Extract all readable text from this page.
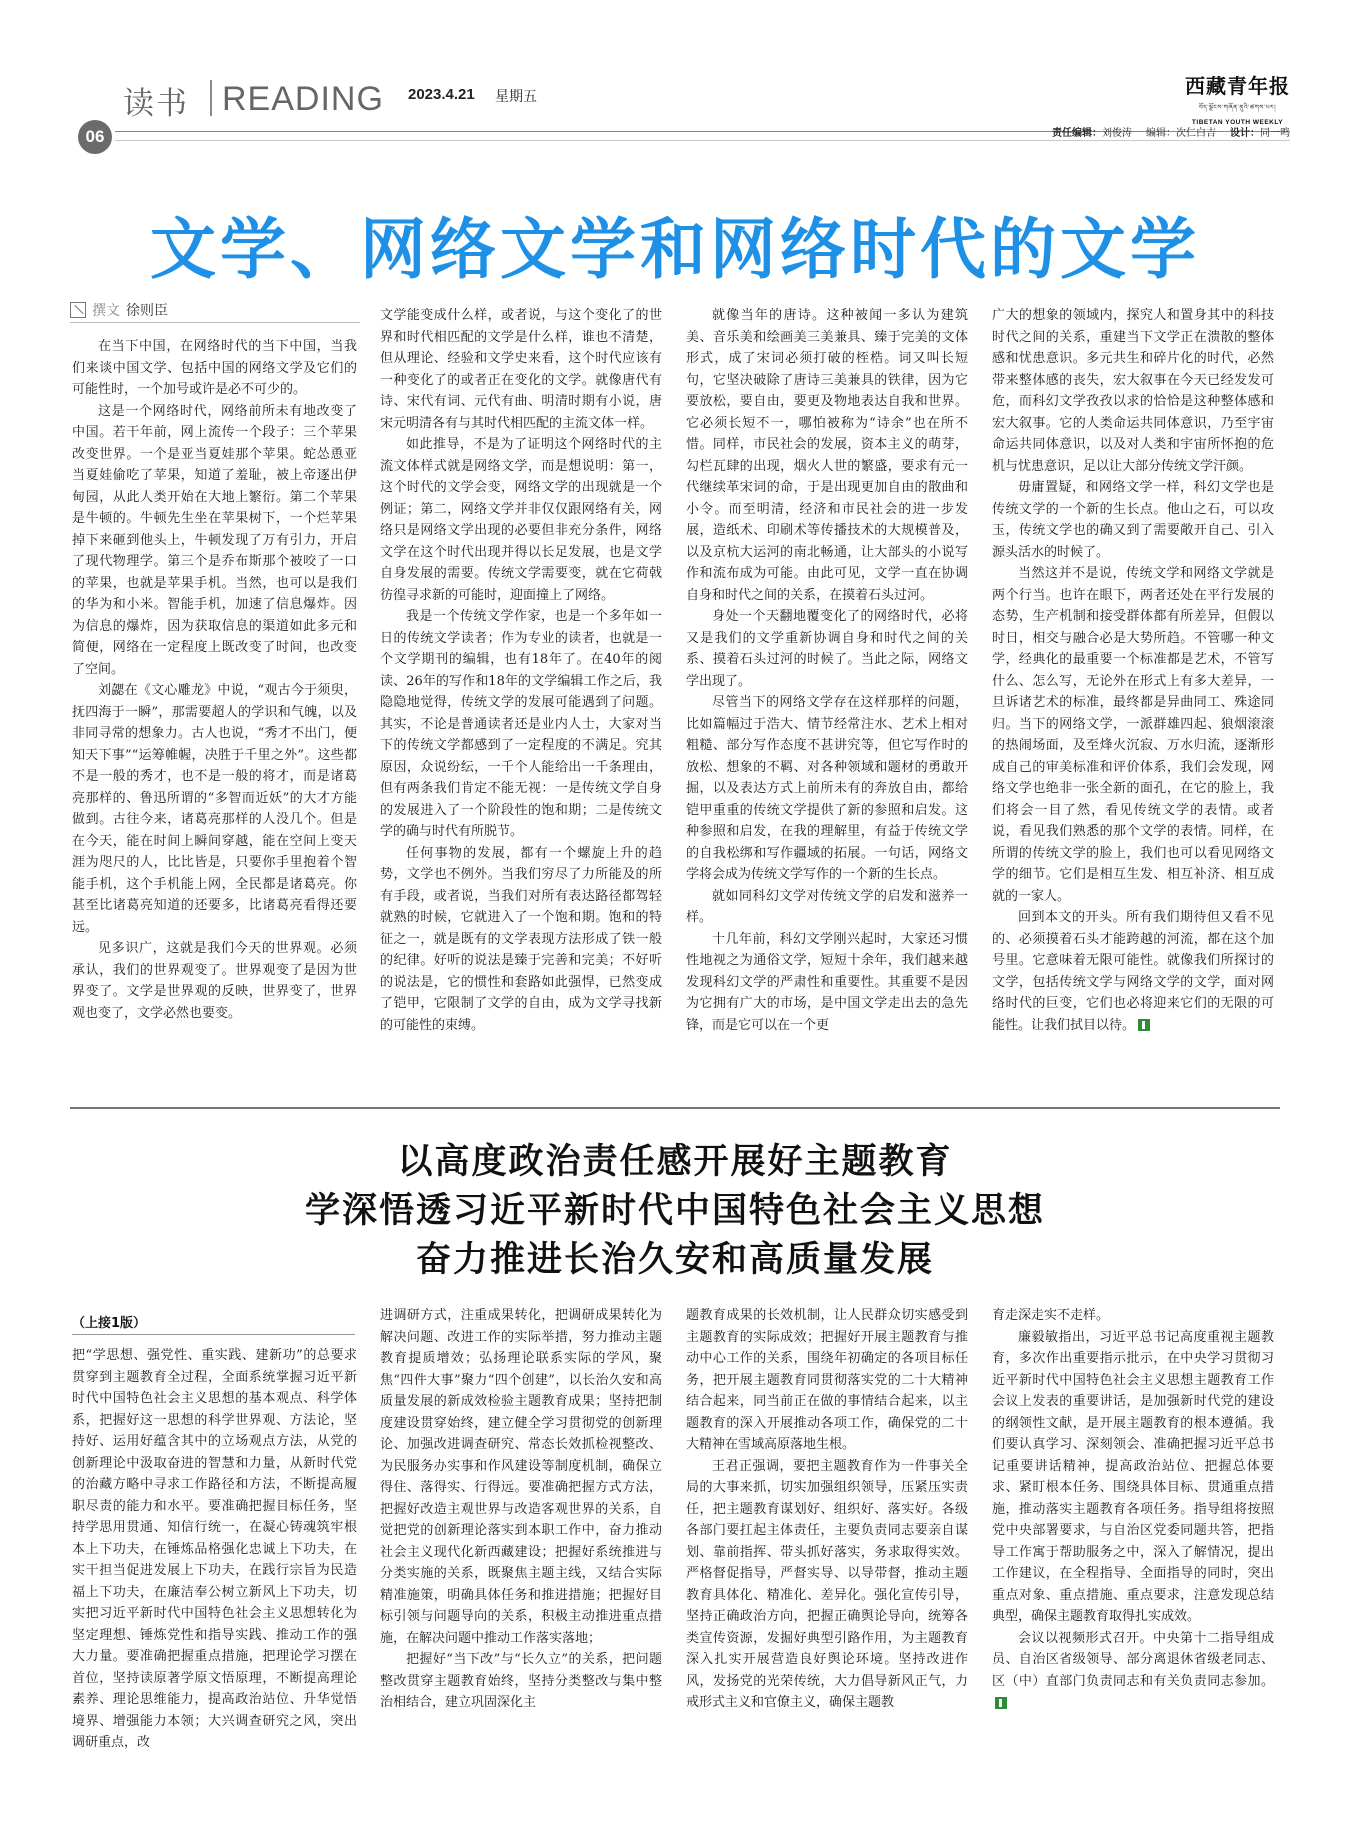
读书 READING 2023.4.21 星期五	西藏青年报
བོད་ལྗོངས་གཞོན་ནུའི་ཚགས་པར།
TIBETAN YOUTH WEEKLY
06	责任编辑：刘俊涛 编辑：次仁白吉 设计：同一鸣
文学、网络文学和网络时代的文学
撰文 徐则臣

在当下中国，在网络时代的当下中国，当我们来谈中国文学、包括中国的网络文学及它们的可能性时，一个加号或许是必不可少的。

这是一个网络时代，网络前所未有地改变了中国。若干年前，网上流传一个段子：三个苹果改变世界。一个是亚当夏娃那个苹果。蛇怂恿亚当夏娃偷吃了苹果，知道了羞耻，被上帝逐出伊甸园，从此人类开始在大地上繁衍。第二个苹果是牛顿的。牛顿先生坐在苹果树下，一个烂苹果掉下来砸到他头上，牛顿发现了万有引力，开启了现代物理学。第三个是乔布斯那个被咬了一口的苹果，也就是苹果手机。当然，也可以是我们的华为和小米。智能手机，加速了信息爆炸。因为信息的爆炸，因为获取信息的渠道如此多元和简便，网络在一定程度上既改变了时间，也改变了空间。

刘勰在《文心雕龙》中说，“观古今于须臾，抚四海于一瞬”，那需要超人的学识和气魄，以及非同寻常的想象力。古人也说，“秀才不出门，便知天下事”“运筹帷幄，决胜于千里之外”。这些都不是一般的秀才，也不是一般的将才，而是诸葛亮那样的、鲁迅所谓的“多智而近妖”的大才方能做到。古往今来，诸葛亮那样的人没几个。但是在今天，能在时间上瞬间穿越，能在空间上变天涯为咫尺的人，比比皆是，只要你手里抱着个智能手机，这个手机能上网，全民都是诸葛亮。你甚至比诸葛亮知道的还要多，比诸葛亮看得还要远。

见多识广，这就是我们今天的世界观。必须承认，我们的世界观变了。世界观变了是因为世界变了。文学是世界观的反映，世界变了，世界观也变了，文学必然也要变。

文学能变成什么样，或者说，与这个变化了的世界和时代相匹配的文学是什么样，谁也不清楚，但从理论、经验和文学史来看，这个时代应该有一种变化了的或者正在变化的文学。就像唐代有诗、宋代有词、元代有曲、明清时期有小说，唐宋元明清各有与其时代相匹配的主流文体一样。

如此推导，不是为了证明这个网络时代的主流文体样式就是网络文学，而是想说明：第一，这个时代的文学会变，网络文学的出现就是一个例证；第二，网络文学并非仅仅跟网络有关，网络只是网络文学出现的必要但非充分条件，网络文学在这个时代出现并得以长足发展，也是文学自身发展的需要。传统文学需要变，就在它荷戟彷徨寻求新的可能时，迎面撞上了网络。

我是一个传统文学作家，也是一个多年如一日的传统文学读者；作为专业的读者，也就是一个文学期刊的编辑，也有18年了。在40年的阅读、26年的写作和18年的文学编辑工作之后，我隐隐地觉得，传统文学的发展可能遇到了问题。其实，不论是普通读者还是业内人士，大家对当下的传统文学都感到了一定程度的不满足。究其原因，众说纷纭，一千个人能给出一千条理由，但有两条我们肯定不能无视：一是传统文学自身的发展进入了一个阶段性的饱和期；二是传统文学的确与时代有所脱节。

任何事物的发展，都有一个螺旋上升的趋势，文学也不例外。当我们穷尽了力所能及的所有手段，或者说，当我们对所有表达路径都驾轻就熟的时候，它就进入了一个饱和期。饱和的特征之一，就是既有的文学表现方法形成了铁一般的纪律。好听的说法是臻于完善和完美；不好听的说法是，它的惯性和套路如此强悍，已然变成了铠甲，它限制了文学的自由，成为文学寻找新的可能性的束缚。

就像当年的唐诗。这种被闻一多认为建筑美、音乐美和绘画美三美兼具、臻于完美的文体形式，成了宋词必须打破的桎梏。词又叫长短句，它坚决破除了唐诗三美兼具的铁律，因为它要放松，要自由，要更及物地表达自我和世界。它必须长短不一，哪怕被称为“诗余”也在所不惜。同样，市民社会的发展，资本主义的萌芽，勾栏瓦肆的出现，烟火人世的繁盛，要求有元一代继续革宋词的命，于是出现更加自由的散曲和小令。而至明清，经济和市民社会的进一步发展，造纸术、印刷术等传播技术的大规模普及，以及京杭大运河的南北畅通，让大部头的小说写作和流布成为可能。由此可见，文学一直在协调自身和时代之间的关系，在摸着石头过河。

身处一个天翻地覆变化了的网络时代，必将又是我们的文学重新协调自身和时代之间的关系、摸着石头过河的时候了。当此之际，网络文学出现了。

尽管当下的网络文学存在这样那样的问题，比如篇幅过于浩大、情节经常注水、艺术上相对粗糙、部分写作态度不甚讲究等，但它写作时的放松、想象的不羁、对各种领域和题材的勇敢开掘，以及表达方式上前所未有的奔放自由，都给铠甲重重的传统文学提供了新的参照和启发。这种参照和启发，在我的理解里，有益于传统文学的自我松绑和写作疆域的拓展。一句话，网络文学将会成为传统文学写作的一个新的生长点。

就如同科幻文学对传统文学的启发和滋养一样。

十几年前，科幻文学刚兴起时，大家还习惯性地视之为通俗文学，短短十余年，我们越来越发现科幻文学的严肃性和重要性。其重要不是因为它拥有广大的市场，是中国文学走出去的急先锋，而是它可以在一个更

广大的想象的领域内，探究人和置身其中的科技时代之间的关系，重建当下文学正在溃散的整体感和忧患意识。多元共生和碎片化的时代，必然带来整体感的丧失，宏大叙事在今天已经发发可危，而科幻文学孜孜以求的恰恰是这种整体感和宏大叙事。它的人类命运共同体意识，乃至宇宙命运共同体意识，以及对人类和宇宙所怀抱的危机与忧患意识，足以让大部分传统文学汗颜。

毋庸置疑，和网络文学一样，科幻文学也是传统文学的一个新的生长点。他山之石，可以攻玉，传统文学也的确又到了需要敞开自己、引入源头活水的时候了。

当然这并不是说，传统文学和网络文学就是两个行当。也许在眼下，两者还处在平行发展的态势，生产机制和接受群体都有所差异，但假以时日，相交与融合必是大势所趋。不管哪一种文学，经典化的最重要一个标准都是艺术，不管写什么、怎么写，无论外在形式上有多大差异，一旦诉诸艺术的标准，最终都是异曲同工、殊途同归。当下的网络文学，一派群雄四起、狼烟滚滚的热闹场面，及至烽火沉寂、万水归流，逐渐形成自己的审美标准和评价体系，我们会发现，网络文学也绝非一张全新的面孔，在它的脸上，我们将会一目了然，看见传统文学的表情。或者说，看见我们熟悉的那个文学的表情。同样，在所谓的传统文学的脸上，我们也可以看见网络文学的细节。它们是相互生发、相互补济、相互成就的一家人。

回到本文的开头。所有我们期待但又看不见的、必须摸着石头才能跨越的河流，都在这个加号里。它意味着无限可能性。就像我们所探讨的文学，包括传统文学与网络文学的文学，面对网络时代的巨变，它们也必将迎来它们的无限的可能性。让我们拭目以待。

以高度政治责任感开展好主题教育
学深悟透习近平新时代中国特色社会主义思想
奋力推进长治久安和高质量发展
（上接1版）

把“学思想、强党性、重实践、建新功”的总要求贯穿到主题教育全过程，全面系统掌握习近平新时代中国特色社会主义思想的基本观点、科学体系，把握好这一思想的科学世界观、方法论，坚持好、运用好蕴含其中的立场观点方法，从党的创新理论中汲取奋进的智慧和力量，从新时代党的治藏方略中寻求工作路径和方法，不断提高履职尽责的能力和水平。要准确把握目标任务，坚持学思用贯通、知信行统一，在凝心铸魂筑牢根本上下功夫，在锤炼品格强化忠诚上下功夫，在实干担当促进发展上下功夫，在践行宗旨为民造福上下功夫，在廉洁奉公树立新风上下功夫，切实把习近平新时代中国特色社会主义思想转化为坚定理想、锤炼党性和指导实践、推动工作的强大力量。要准确把握重点措施，把理论学习摆在首位，坚持读原著学原文悟原理，不断提高理论素养、理论思维能力，提高政治站位、升华觉悟境界、增强能力本领；大兴调查研究之风，突出调研重点，改

进调研方式，注重成果转化，把调研成果转化为解决问题、改进工作的实际举措，努力推动主题教育提质增效；弘扬理论联系实际的学风，聚焦“四件大事”聚力“四个创建”，以长治久安和高质量发展的新成效检验主题教育成果；坚持把制度建设贯穿始终，建立健全学习贯彻党的创新理论、加强改进调查研究、常态长效抓检视整改、为民服务办实事和作风建设等制度机制，确保立得住、落得实、行得远。要准确把握方式方法，把握好改造主观世界与改造客观世界的关系，自觉把党的创新理论落实到本职工作中，奋力推动社会主义现代化新西藏建设；把握好系统推进与分类实施的关系，既聚焦主题主线，又结合实际精准施策，明确具体任务和推进措施；把握好目标引领与问题导向的关系，积极主动推进重点措施，在解决问题中推动工作落实落地；

把握好“当下改”与“长久立”的关系，把问题整改贯穿主题教育始终，坚持分类整改与集中整治相结合，建立巩固深化主

题教育成果的长效机制，让人民群众切实感受到主题教育的实际成效；把握好开展主题教育与推动中心工作的关系，围绕年初确定的各项目标任务，把开展主题教育同贯彻落实党的二十大精神结合起来，同当前正在做的事情结合起来，以主题教育的深入开展推动各项工作，确保党的二十大精神在雪域高原落地生根。

王君正强调，要把主题教育作为一件事关全局的大事来抓，切实加强组织领导，压紧压实责任，把主题教育谋划好、组织好、落实好。各级各部门要扛起主体责任，主要负责同志要亲自谋划、靠前指挥、带头抓好落实，务求取得实效。严格督促指导，严督实导、以导带督，推动主题教育具体化、精准化、差异化。强化宣传引导，坚持正确政治方向，把握正确舆论导向，统筹各类宣传资源，发掘好典型引路作用，为主题教育深入扎实开展营造良好舆论环境。坚持改进作风，发扬党的光荣传统，大力倡导新风正气，力戒形式主义和官僚主义，确保主题教

育走深走实不走样。

廉毅敏指出，习近平总书记高度重视主题教育，多次作出重要指示批示，在中央学习贯彻习近平新时代中国特色社会主义思想主题教育工作会议上发表的重要讲话，是加强新时代党的建设的纲领性文献，是开展主题教育的根本遵循。我们要认真学习、深刻领会、准确把握习近平总书记重要讲话精神，提高政治站位、把握总体要求、紧盯根本任务、围绕具体目标、贯通重点措施，推动落实主题教育各项任务。指导组将按照党中央部署要求，与自治区党委同题共答，把指导工作寓于帮助服务之中，深入了解情况，提出工作建议，在全程指导、全面指导的同时，突出重点对象、重点措施、重点要求，注意发现总结典型，确保主题教育取得扎实成效。

会议以视频形式召开。中央第十二指导组成员、自治区省级领导、部分离退休省级老同志、区（中）直部门负责同志和有关负责同志参加。
